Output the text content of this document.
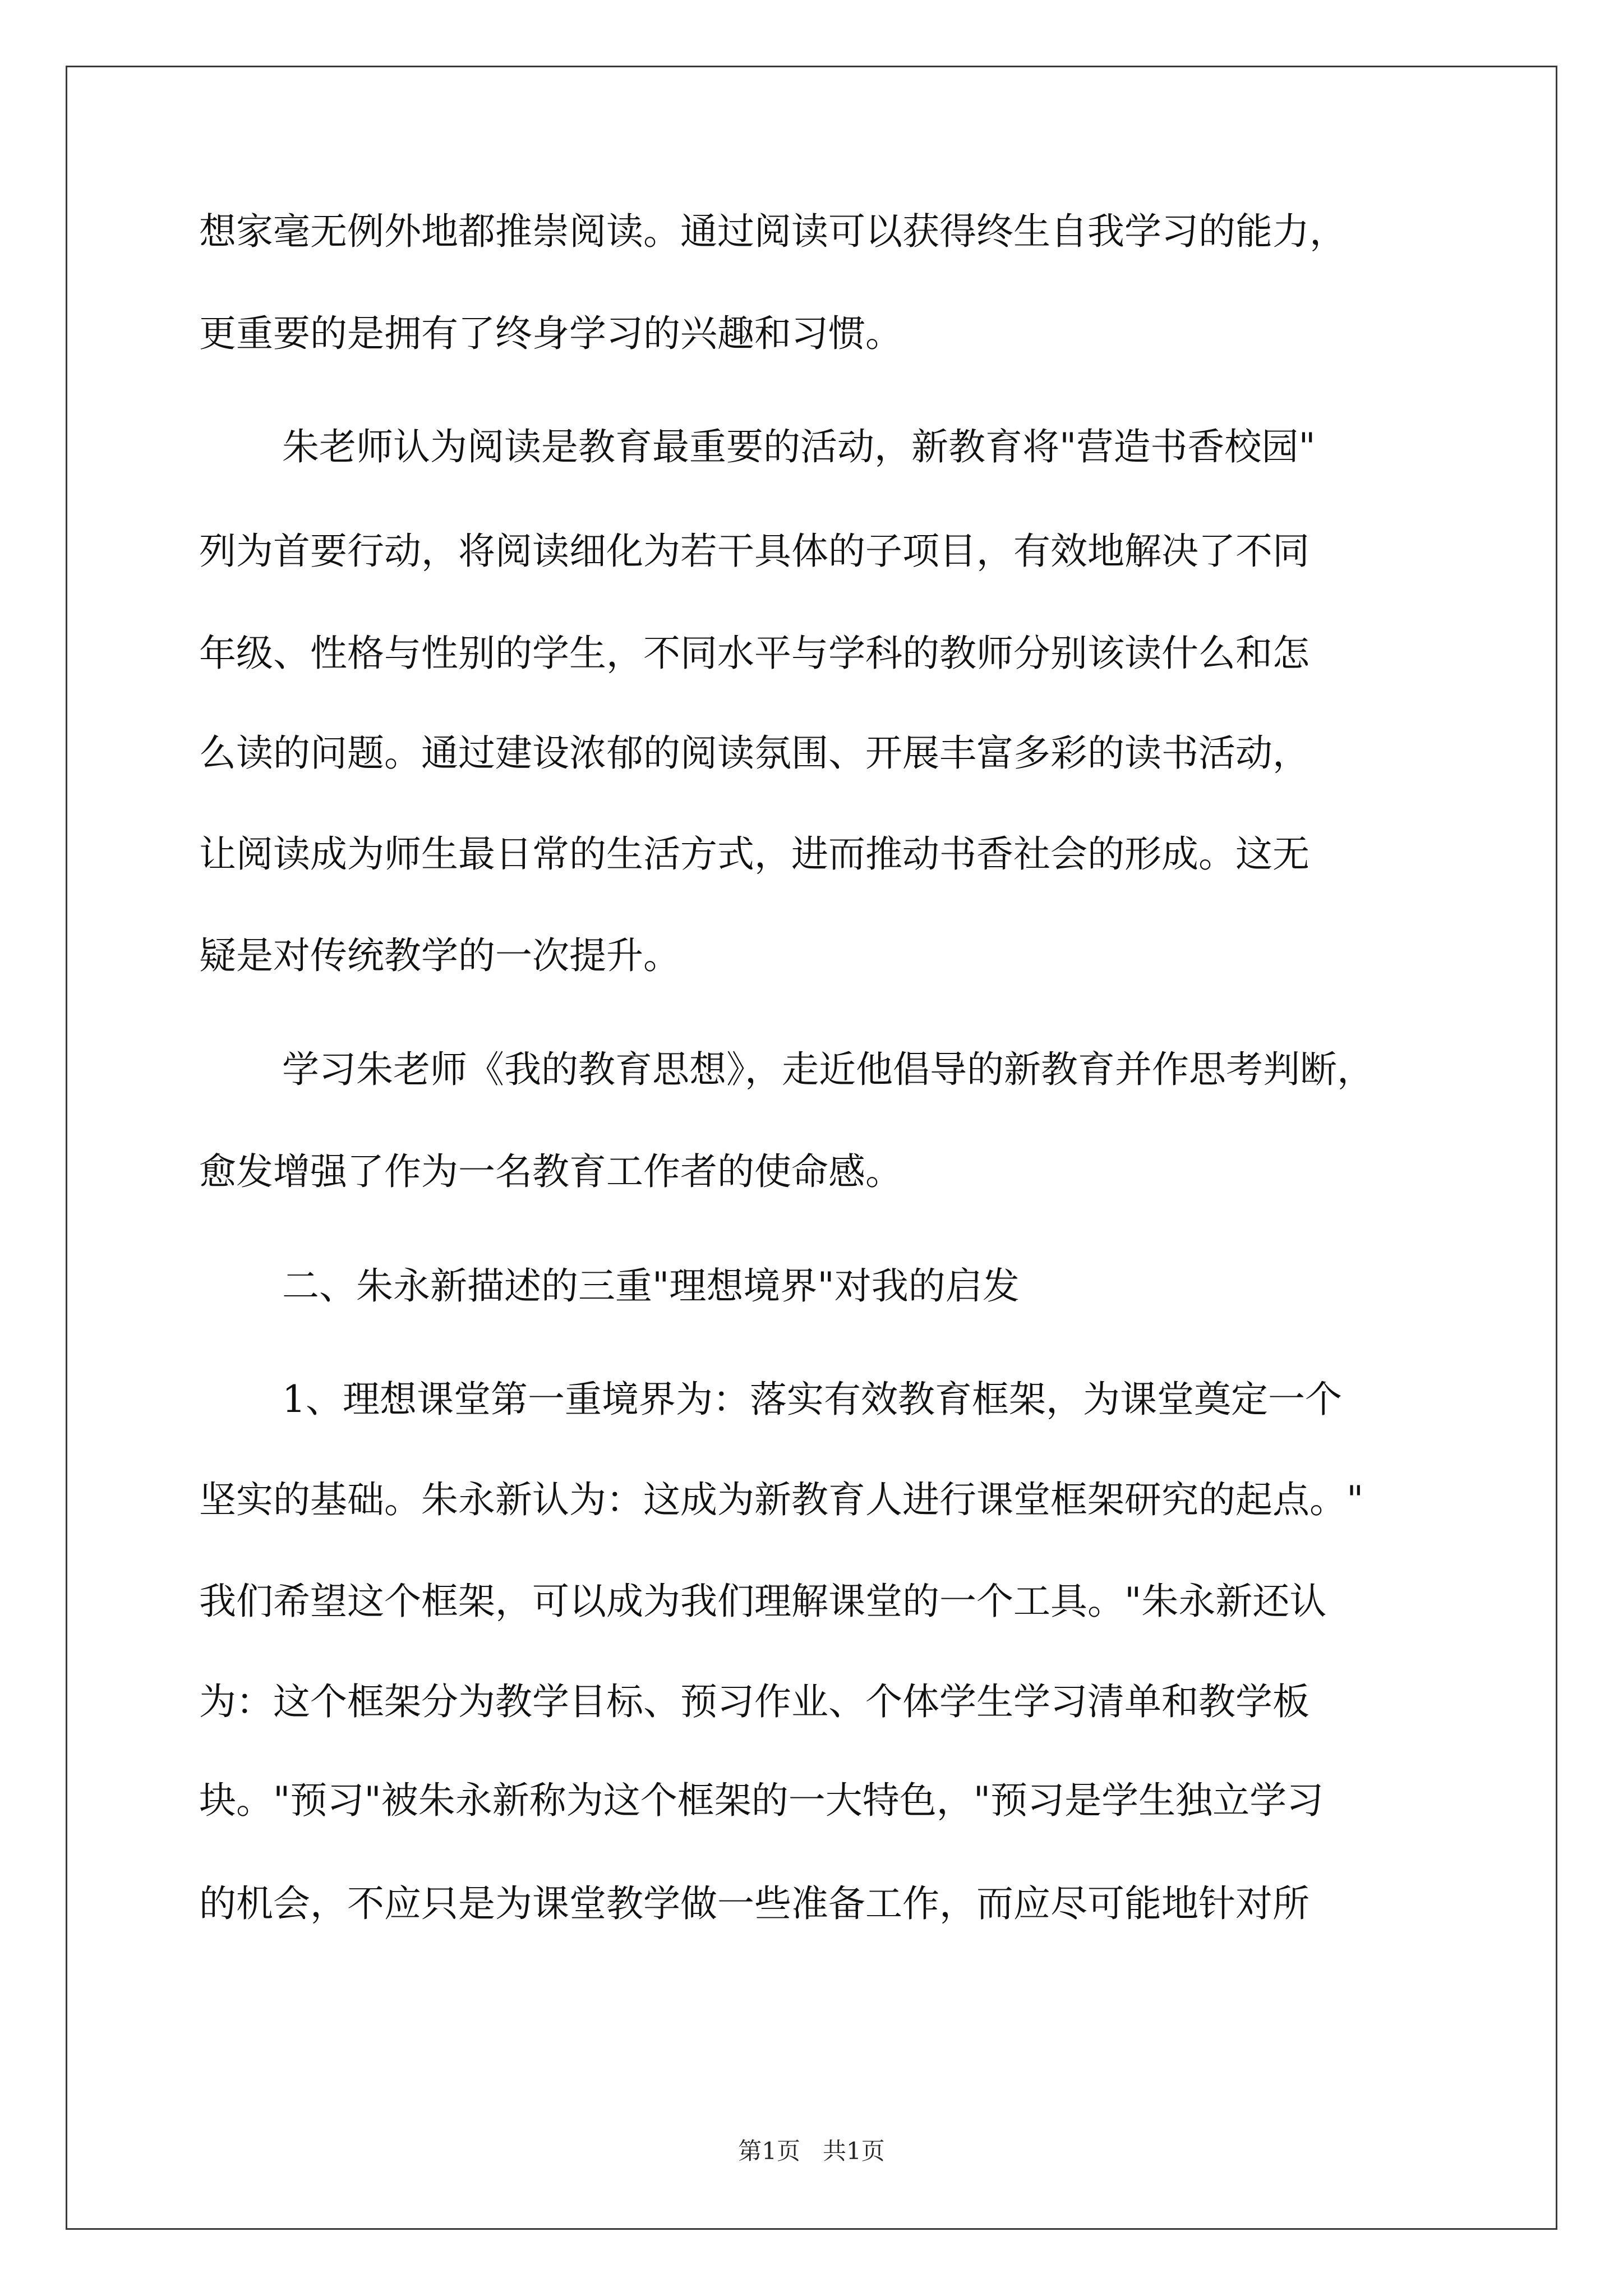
想家毫无例外地都推崇阅读。通过阅读可以获得终生自我学习的能力，
更重要的是拥有了终身学习的兴趣和习惯。
朱老师认为阅读是教育最重要的活动，新教育将"营造书香校园"
列为首要行动，将阅读细化为若干具体的子项目，有效地解决了不同
年级、性格与性别的学生，不同水平与学科的教师分别该读什么和怎
么读的问题。通过建设浓郁的阅读氛围、开展丰富多彩的读书活动，
让阅读成为师生最日常的生活方式，进而推动书香社会的形成。这无
疑是对传统教学的一次提升。
学习朱老师《我的教育思想》，走近他倡导的新教育并作思考判断，
愈发增强了作为一名教育工作者的使命感。
二、朱永新描述的三重"理想境界"对我的启发
1、理想课堂第一重境界为：落实有效教育框架，为课堂奠定一个
坚实的基础。朱永新认为：这成为新教育人进行课堂框架研究的起点。"
我们希望这个框架，可以成为我们理解课堂的一个工具。"朱永新还认
为：这个框架分为教学目标、预习作业、个体学生学习清单和教学板
块。"预习"被朱永新称为这个框架的一大特色，"预习是学生独立学习
的机会，不应只是为课堂教学做一些准备工作，而应尽可能地针对所
第1页   共1页
